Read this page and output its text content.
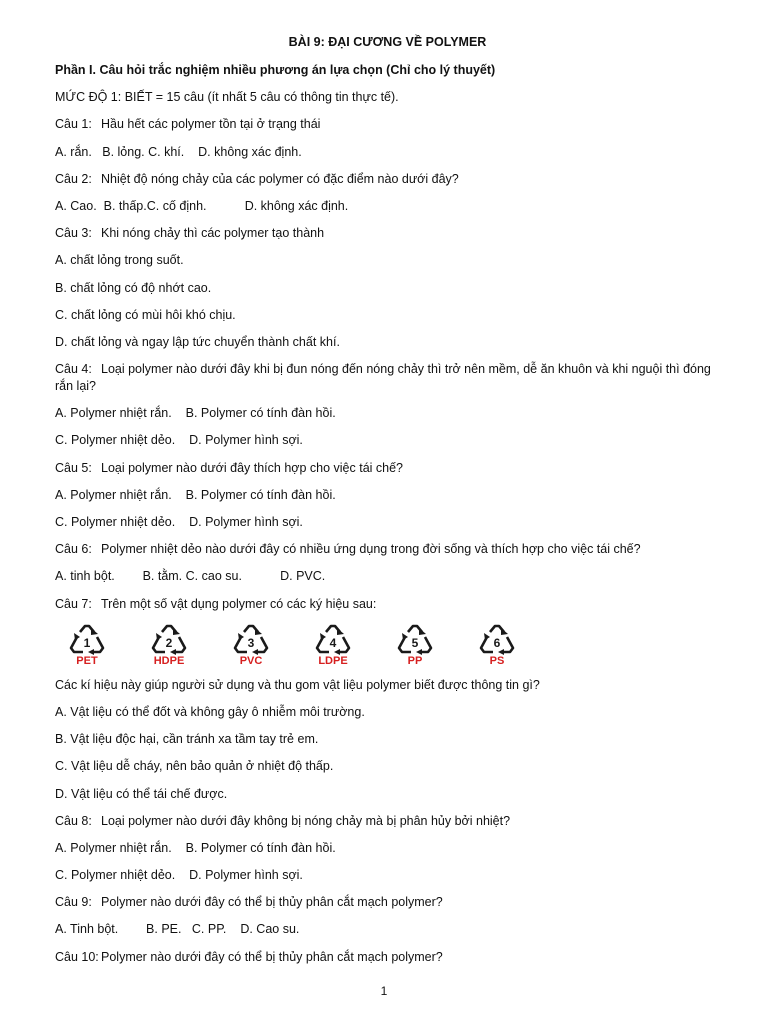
BÀI 9: ĐẠI CƯƠNG VỀ POLYMER
Phần I. Câu hỏi trắc nghiệm nhiều phương án lựa chọn (Chỉ cho lý thuyết)
MỨC ĐỘ 1: BIẾT = 15 câu (ít nhất 5 câu có thông tin thực tế).
Câu 1: Hầu hết các polymer tồn tại ở trạng thái
A. rắn. B. lỏng. C. khí. D. không xác định.
Câu 2: Nhiệt độ nóng chảy của các polymer có đặc điểm nào dưới đây?
A. Cao. B. thấp.C. cố định.	D. không xác định.
Câu 3: Khi nóng chảy thì các polymer tạo thành
A. chất lỏng trong suốt.
B. chất lỏng có độ nhớt cao.
C. chất lỏng có mùi hôi khó chịu.
D. chất lỏng và ngay lập tức chuyển thành chất khí.
Câu 4: Loại polymer nào dưới đây khi bị đun nóng đến nóng chảy thì trở nên mềm, dễ ăn khuôn và khi nguội thì đóng rắn lại?
A. Polymer nhiệt rắn. B. Polymer có tính đàn hồi.
C. Polymer nhiệt dẻo. D. Polymer hình sợi.
Câu 5: Loại polymer nào dưới đây thích hợp cho việc tái chế?
A. Polymer nhiệt rắn. B. Polymer có tính đàn hồi.
C. Polymer nhiệt dẻo. D. Polymer hình sợi.
Câu 6: Polymer nhiệt dẻo nào dưới đây có nhiều ứng dụng trong đời sống và thích hợp cho việc tái chế?
A. tinh bột. B. tằm. C. cao su.	D. PVC.
Câu 7: Trên một số vật dụng polymer có các ký hiệu sau:
1
PET
2
HDPE
3
PVC
4
LDPE
5
PP
6
PS
Các kí hiệu này giúp người sử dụng và thu gom vật liệu polymer biết được thông tin gì?
A. Vật liệu có thể đốt và không gây ô nhiễm môi trường.
B. Vật liệu độc hại, cần tránh xa tầm tay trẻ em.
C. Vật liệu dễ cháy, nên bảo quản ở nhiệt độ thấp.
D. Vật liệu có thể tái chế được.
Câu 8: Loại polymer nào dưới đây không bị nóng chảy mà bị phân hủy bởi nhiệt?
A. Polymer nhiệt rắn. B. Polymer có tính đàn hồi.
C. Polymer nhiệt dẻo. D. Polymer hình sợi.
Câu 9: Polymer nào dưới đây có thể bị thủy phân cắt mạch polymer?
A. Tinh bột. B. PE. C. PP. D. Cao su.
Câu 10: Polymer nào dưới đây có thể bị thủy phân cắt mạch polymer?
1
